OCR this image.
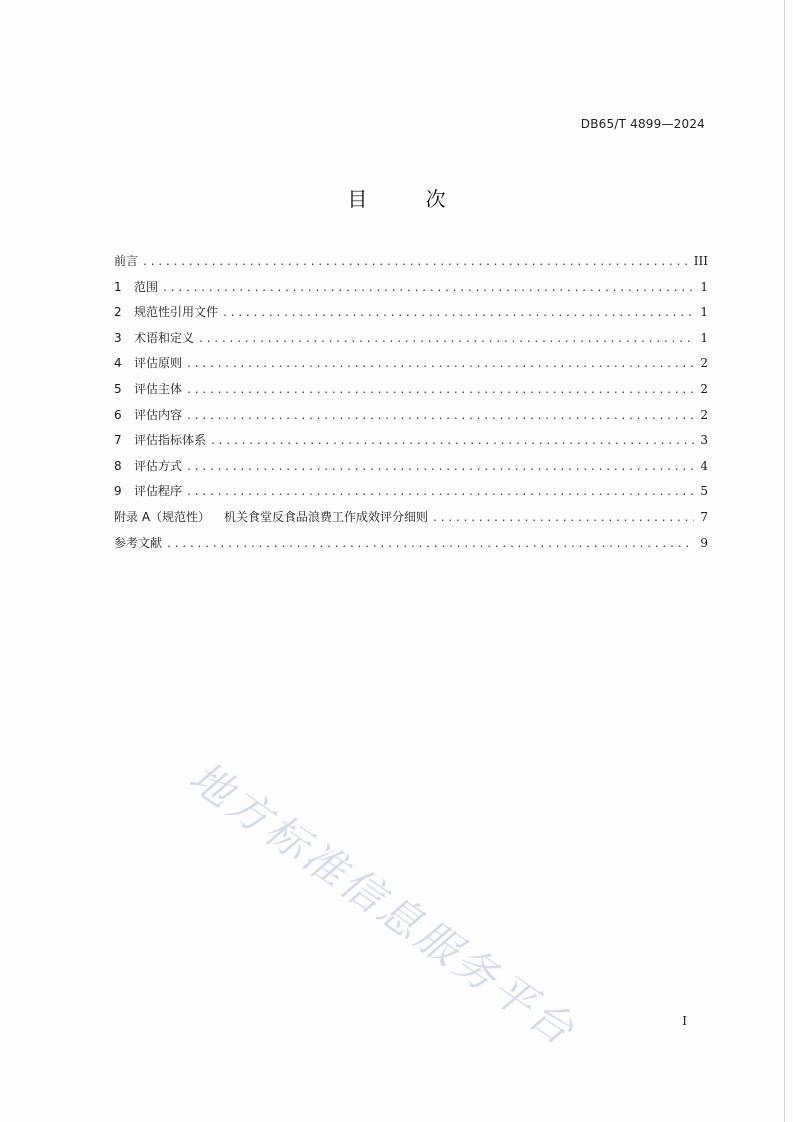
DB65/T 4899—2024
目 次
前言 .....	III
1	范围 .....	1
2	规范性引用文件 .....	1
3	术语和定义 .....	1
4	评估原则 .....	2
5	评估主体 .....	2
6	评估内容 .....	2
7	评估指标体系 .....	3
8	评估方式 .....	4
9	评估程序 .....	5
附录 A（规范性） 机关食堂反食品浪费工作成效评分细则 .....	7
参考文献 .....	9
地方标准信息服务平台	I
